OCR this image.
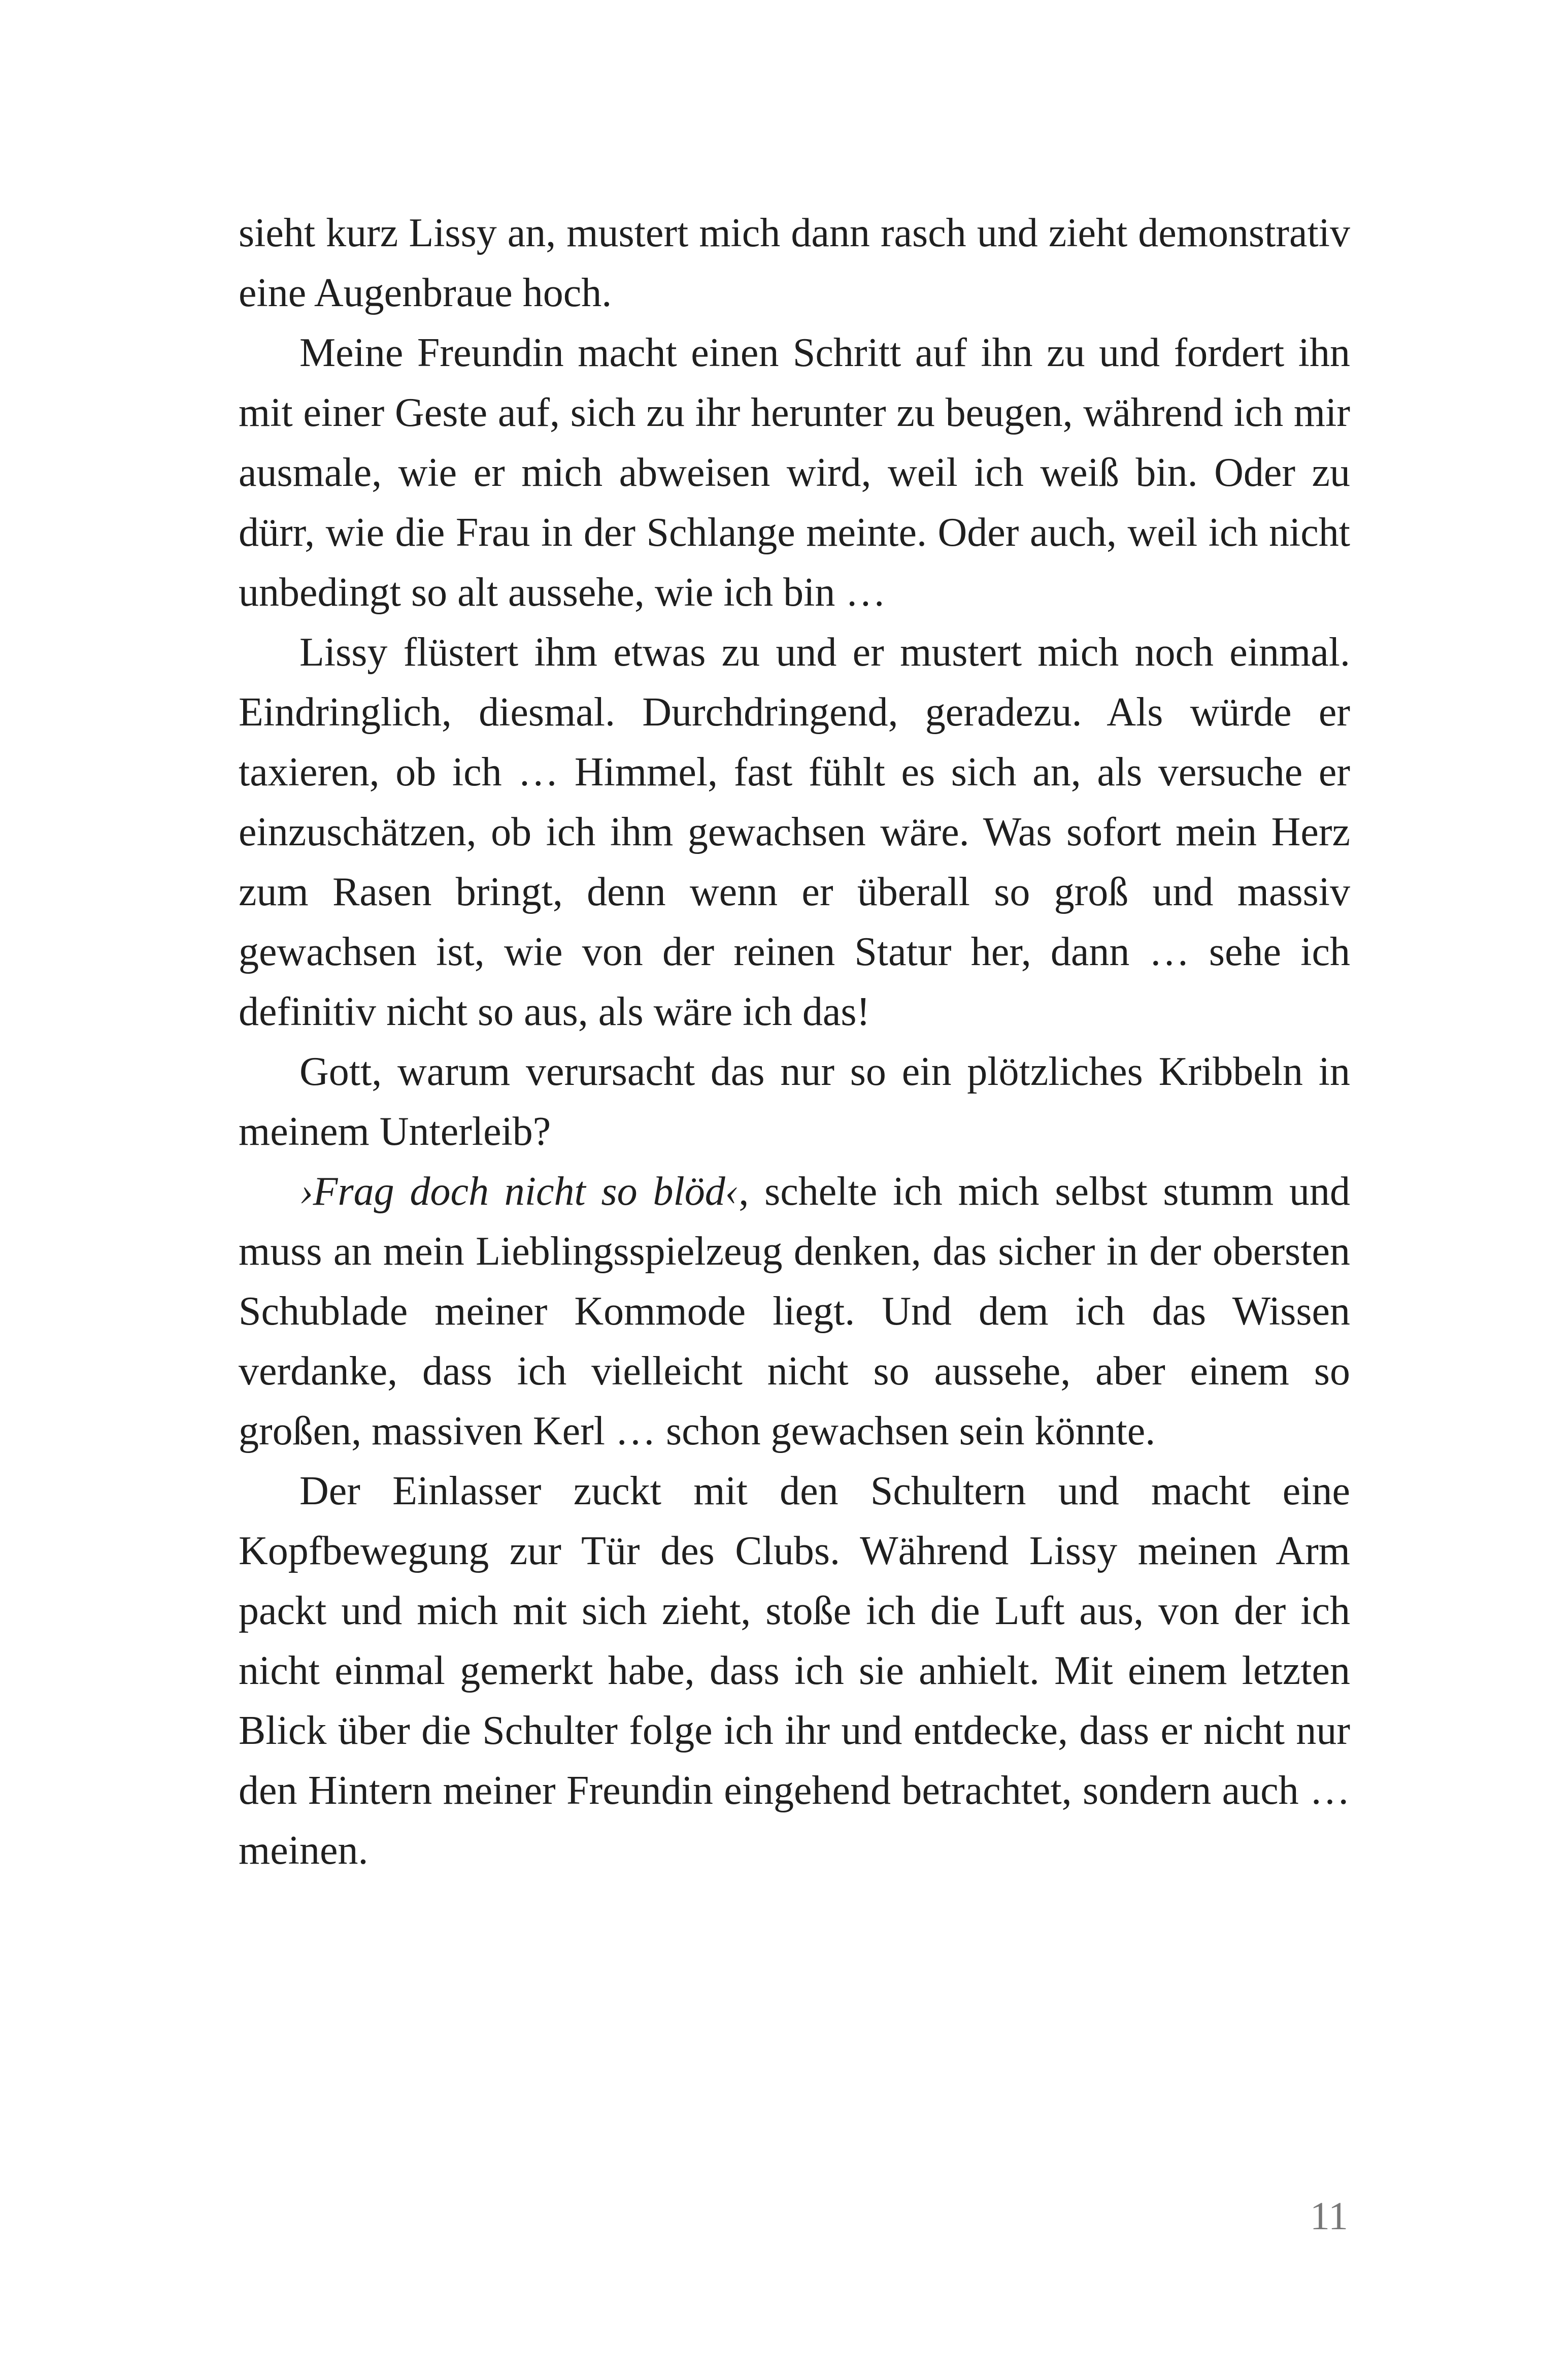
sieht kurz Lissy an, mustert mich dann rasch und zieht demonstrativ eine Augenbraue hoch.

Meine Freundin macht einen Schritt auf ihn zu und fordert ihn mit einer Geste auf, sich zu ihr herunter zu beugen, während ich mir ausmale, wie er mich abweisen wird, weil ich weiß bin. Oder zu dürr, wie die Frau in der Schlange meinte. Oder auch, weil ich nicht unbedingt so alt aussehe, wie ich bin …

Lissy flüstert ihm etwas zu und er mustert mich noch einmal. Eindringlich, diesmal. Durchdringend, geradezu. Als würde er taxieren, ob ich … Himmel, fast fühlt es sich an, als versuche er einzuschätzen, ob ich ihm gewachsen wäre. Was sofort mein Herz zum Rasen bringt, denn wenn er überall so groß und massiv gewachsen ist, wie von der reinen Statur her, dann … sehe ich definitiv nicht so aus, als wäre ich das!

Gott, warum verursacht das nur so ein plötzliches Kribbeln in meinem Unterleib?

›Frag doch nicht so blöd‹, schelte ich mich selbst stumm und muss an mein Lieblingsspielzeug denken, das sicher in der obersten Schublade meiner Kommode liegt. Und dem ich das Wissen verdanke, dass ich vielleicht nicht so aussehe, aber einem so großen, massiven Kerl … schon gewachsen sein könnte.

Der Einlasser zuckt mit den Schultern und macht eine Kopfbewegung zur Tür des Clubs. Während Lissy meinen Arm packt und mich mit sich zieht, stoße ich die Luft aus, von der ich nicht einmal gemerkt habe, dass ich sie anhielt. Mit einem letzten Blick über die Schulter folge ich ihr und entdecke, dass er nicht nur den Hintern meiner Freundin eingehend betrachtet, sondern auch … meinen.

11
